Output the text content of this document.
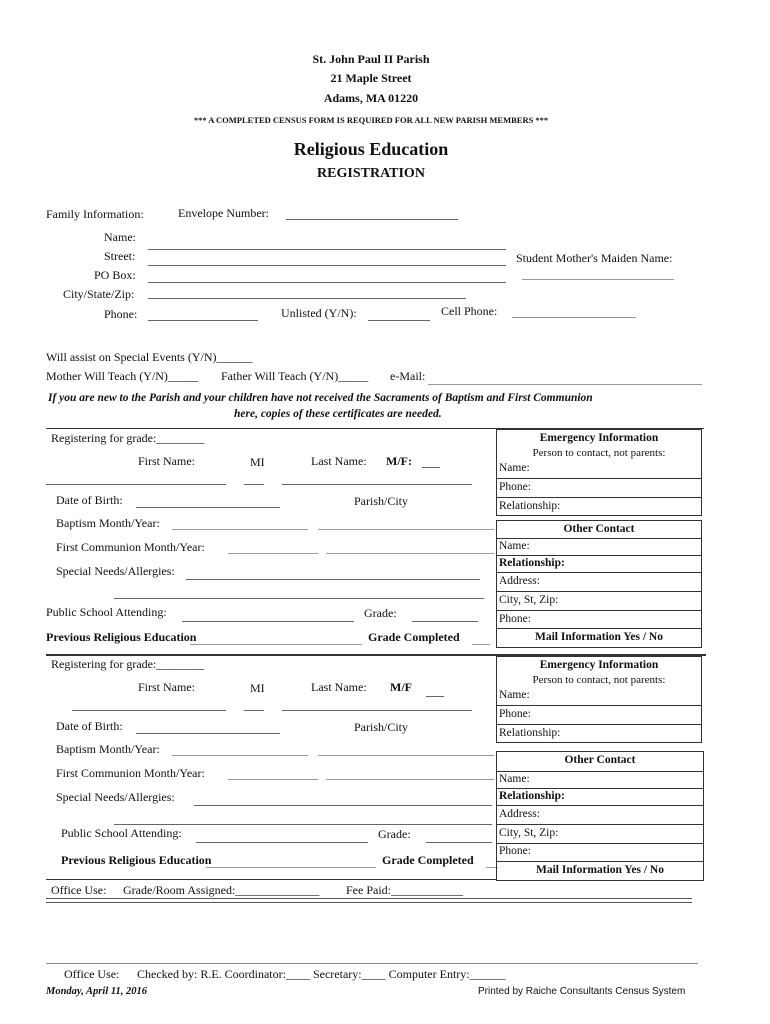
St. John Paul II Parish
21 Maple Street
Adams, MA 01220
*** A COMPLETED CENSUS FORM IS REQUIRED FOR ALL NEW PARISH MEMBERS ***
Religious Education
REGISTRATION
Family Information:	Envelope Number:
Name:
Street:	Student Mother's Maiden Name:
PO Box:
City/State/Zip:
Phone:	Unlisted (Y/N):	Cell Phone:
Will assist on Special Events (Y/N)______
Mother Will Teach (Y/N)_____ Father Will Teach (Y/N)_____ e-Mail:
If you are new to the Parish and your children have not received the Sacraments of Baptism and First Communion
here, copies of these certificates are needed.
Registering for grade:________
First Name:	MI	Last Name: M/F:
Date of Birth:	Parish/City
Baptism Month/Year:
First Communion Month/Year:
Special Needs/Allergies:
Public School Attending:	Grade:
Previous Religious Education	Grade Completed
Emergency Information
Person to contact, not parents:
Name:
Phone:
Relationship:
Other Contact
Name:
Relationship:
Address:
City, St, Zip:
Phone:
Mail Information Yes / No
Registering for grade:________
First Name:	MI	Last Name: M/F
Date of Birth:	Parish/City
Baptism Month/Year:
First Communion Month/Year:
Special Needs/Allergies:
Public School Attending:	Grade:
Previous Religious Education	Grade Completed
Emergency Information
Person to contact, not parents:
Name:
Phone:
Relationship:
Other Contact
Name:
Relationship:
Address:
City, St, Zip:
Phone:
Mail Information Yes / No
Office Use: Grade/Room Assigned:______________ Fee Paid:____________
Office Use: Checked by: R.E. Coordinator:____ Secretary:____ Computer Entry:______
Monday, April 11, 2016	Printed by Raiche Consultants Census System
